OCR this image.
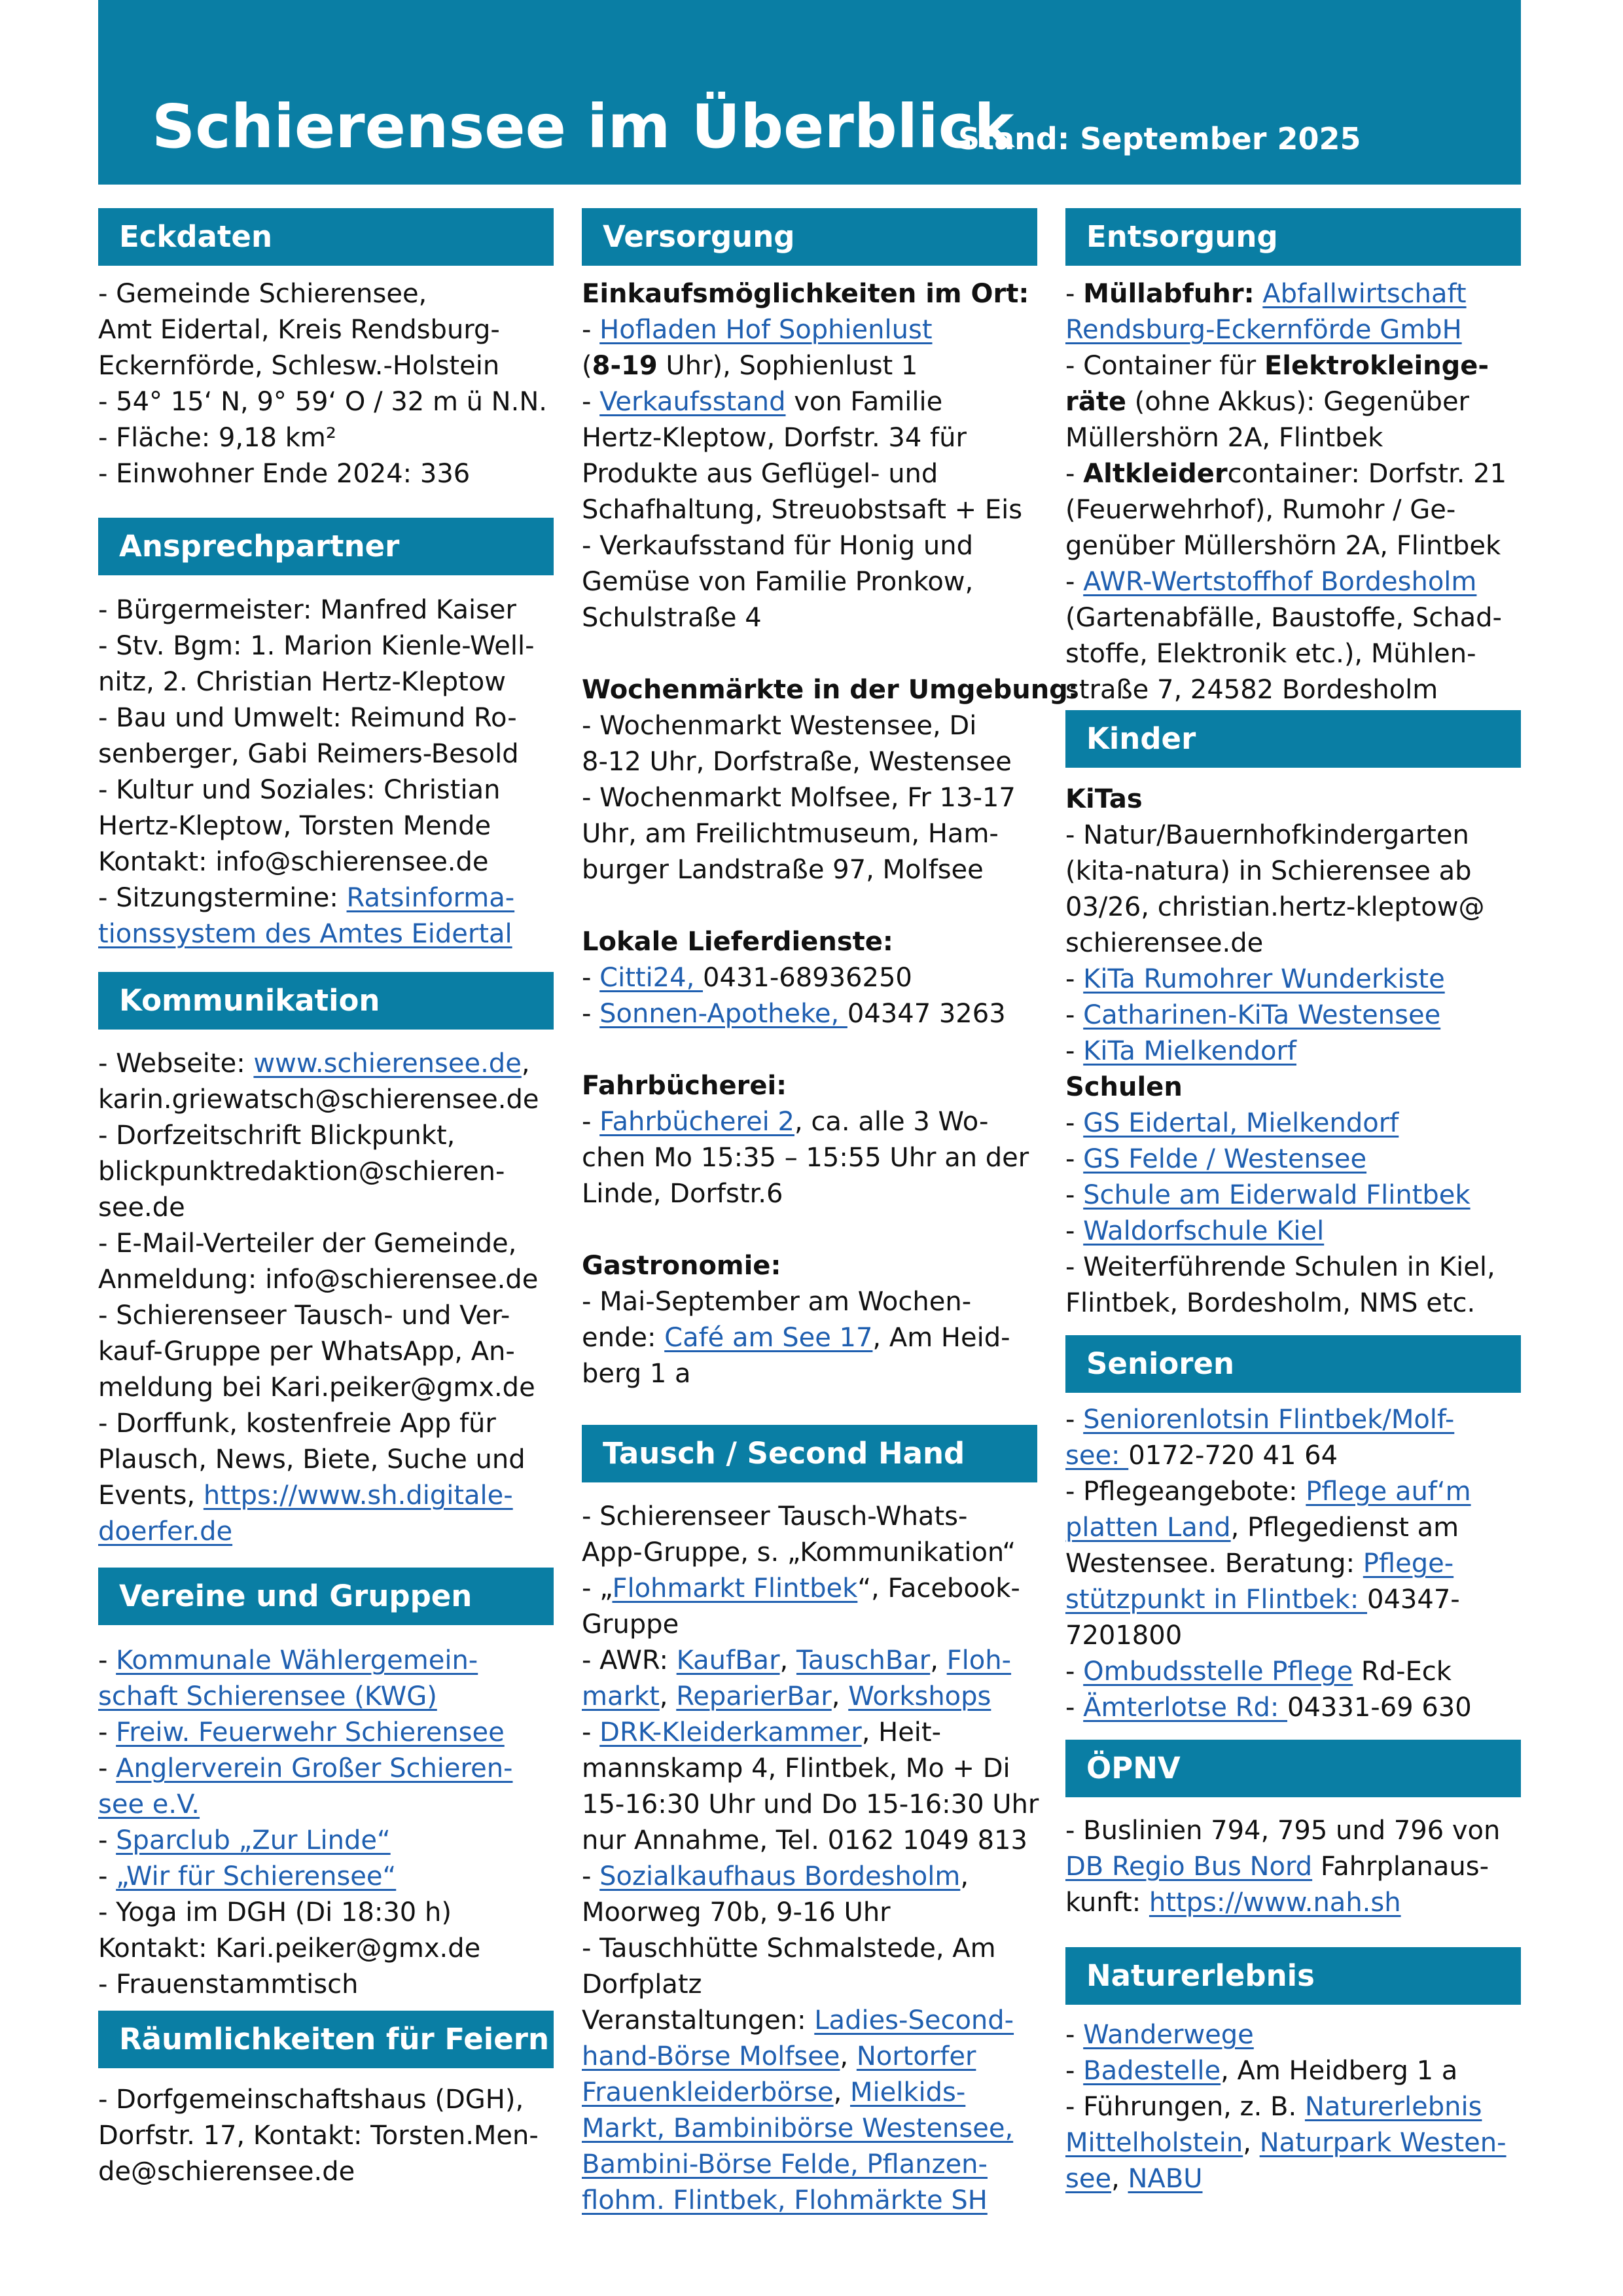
Schierensee im Überblick
Stand: September 2025
Eckdaten
- Gemeinde Schierensee,
Amt Eidertal, Kreis Rendsburg-
Eckernförde, Schlesw.-Holstein
- 54° 15‘ N, 9° 59‘ O / 32 m ü N.N.
- Fläche: 9,18 km²
- Einwohner Ende 2024: 336
Ansprechpartner
- Bürgermeister: Manfred Kaiser
- Stv. Bgm: 1. Marion Kienle-Well-
nitz, 2. Christian Hertz-Kleptow
- Bau und Umwelt: Reimund Ro-
senberger, Gabi Reimers-Besold
- Kultur und Soziales: Christian
Hertz-Kleptow, Torsten Mende
Kontakt: info@schierensee.de
- Sitzungstermine: Ratsinforma-
tionssystem des Amtes Eidertal
Kommunikation
- Webseite: www.schierensee.de,
karin.griewatsch@schierensee.de
- Dorfzeitschrift Blickpunkt,
blickpunktredaktion@schieren-
see.de
- E-Mail-Verteiler der Gemeinde,
Anmeldung: info@schierensee.de
- Schierenseer Tausch- und Ver-
kauf-Gruppe per WhatsApp, An-
meldung bei Kari.peiker@gmx.de
- Dorffunk, kostenfreie App für
Plausch, News, Biete, Suche und
Events, https://www.sh.digitale-
doerfer.de
Vereine und Gruppen
- Kommunale Wählergemein-
schaft Schierensee (KWG)
- Freiw. Feuerwehr Schierensee
- Anglerverein Großer Schieren-
see e.V.
- Sparclub „Zur Linde“
- „Wir für Schierensee“
- Yoga im DGH (Di 18:30 h)
Kontakt: Kari.peiker@gmx.de
- Frauenstammtisch
Räumlichkeiten für Feiern
- Dorfgemeinschaftshaus (DGH),
Dorfstr. 17, Kontakt: Torsten.Men-
de@schierensee.de
Versorgung
Einkaufsmöglichkeiten im Ort:
- Hofladen Hof Sophienlust
(8-19 Uhr), Sophienlust 1
- Verkaufsstand von Familie
Hertz-Kleptow, Dorfstr. 34 für
Produkte aus Geflügel- und
Schafhaltung, Streuobstsaft + Eis
- Verkaufsstand für Honig und
Gemüse von Familie Pronkow,
Schulstraße 4
Wochenmärkte in der Umgebung:
- Wochenmarkt Westensee, Di
8-12 Uhr, Dorfstraße, Westensee
- Wochenmarkt Molfsee, Fr 13-17
Uhr, am Freilichtmuseum, Ham-
burger Landstraße 97, Molfsee
Lokale Lieferdienste:
- Citti24, 0431-68936250
- Sonnen-Apotheke, 04347 3263
Fahrbücherei:
- Fahrbücherei 2, ca. alle 3 Wo-
chen Mo 15:35 – 15:55 Uhr an der
Linde, Dorfstr.6
Gastronomie:
- Mai-September am Wochen-
ende: Café am See 17, Am Heid-
berg 1 a
Tausch / Second Hand
- Schierenseer Tausch-Whats-
App-Gruppe, s. „Kommunikation“
- „Flohmarkt Flintbek“, Facebook-
Gruppe
- AWR: KaufBar, TauschBar, Floh-
markt, ReparierBar, Workshops
- DRK-Kleiderkammer, Heit-
mannskamp 4, Flintbek, Mo + Di
15-16:30 Uhr und Do 15-16:30 Uhr
nur Annahme, Tel. 0162 1049 813
- Sozialkaufhaus Bordesholm,
Moorweg 70b, 9-16 Uhr
- Tauschhütte Schmalstede, Am
Dorfplatz
Veranstaltungen: Ladies-Second-
hand-Börse Molfsee, Nortorfer
Frauenkleiderbörse, Mielkids-
Markt, Bambinibörse Westensee,
Bambini-Börse Felde, Pflanzen-
flohm. Flintbek, Flohmärkte SH
Entsorgung
- Müllabfuhr: Abfallwirtschaft
Rendsburg-Eckernförde GmbH
- Container für Elektrokleinge-
räte (ohne Akkus): Gegenüber
Müllershörn 2A, Flintbek
- Altkleidercontainer: Dorfstr. 21
(Feuerwehrhof), Rumohr / Ge-
genüber Müllershörn 2A, Flintbek
- AWR-Wertstoffhof Bordesholm
(Gartenabfälle, Baustoffe, Schad-
stoffe, Elektronik etc.), Mühlen-
straße 7, 24582 Bordesholm
Kinder
KiTas
- Natur/Bauernhofkindergarten
(kita-natura) in Schierensee ab
03/26, christian.hertz-kleptow@
schierensee.de
- KiTa Rumohrer Wunderkiste
- Catharinen-KiTa Westensee
- KiTa Mielkendorf
Schulen
- GS Eidertal, Mielkendorf
- GS Felde / Westensee
- Schule am Eiderwald Flintbek
- Waldorfschule Kiel
- Weiterführende Schulen in Kiel,
Flintbek, Bordesholm, NMS etc.
Senioren
- Seniorenlotsin Flintbek/Molf-
see: 0172-720 41 64
- Pflegeangebote: Pflege auf‘m
platten Land, Pflegedienst am
Westensee. Beratung: Pflege-
stützpunkt in Flintbek: 04347-
7201800
- Ombudsstelle Pflege Rd-Eck
- Ämterlotse Rd: 04331-69 630
ÖPNV
- Buslinien 794, 795 und 796 von
DB Regio Bus Nord Fahrplanaus-
kunft: https://www.nah.sh
Naturerlebnis
- Wanderwege
- Badestelle, Am Heidberg 1 a
- Führungen, z. B. Naturerlebnis
Mittelholstein, Naturpark Westen-
see, NABU
